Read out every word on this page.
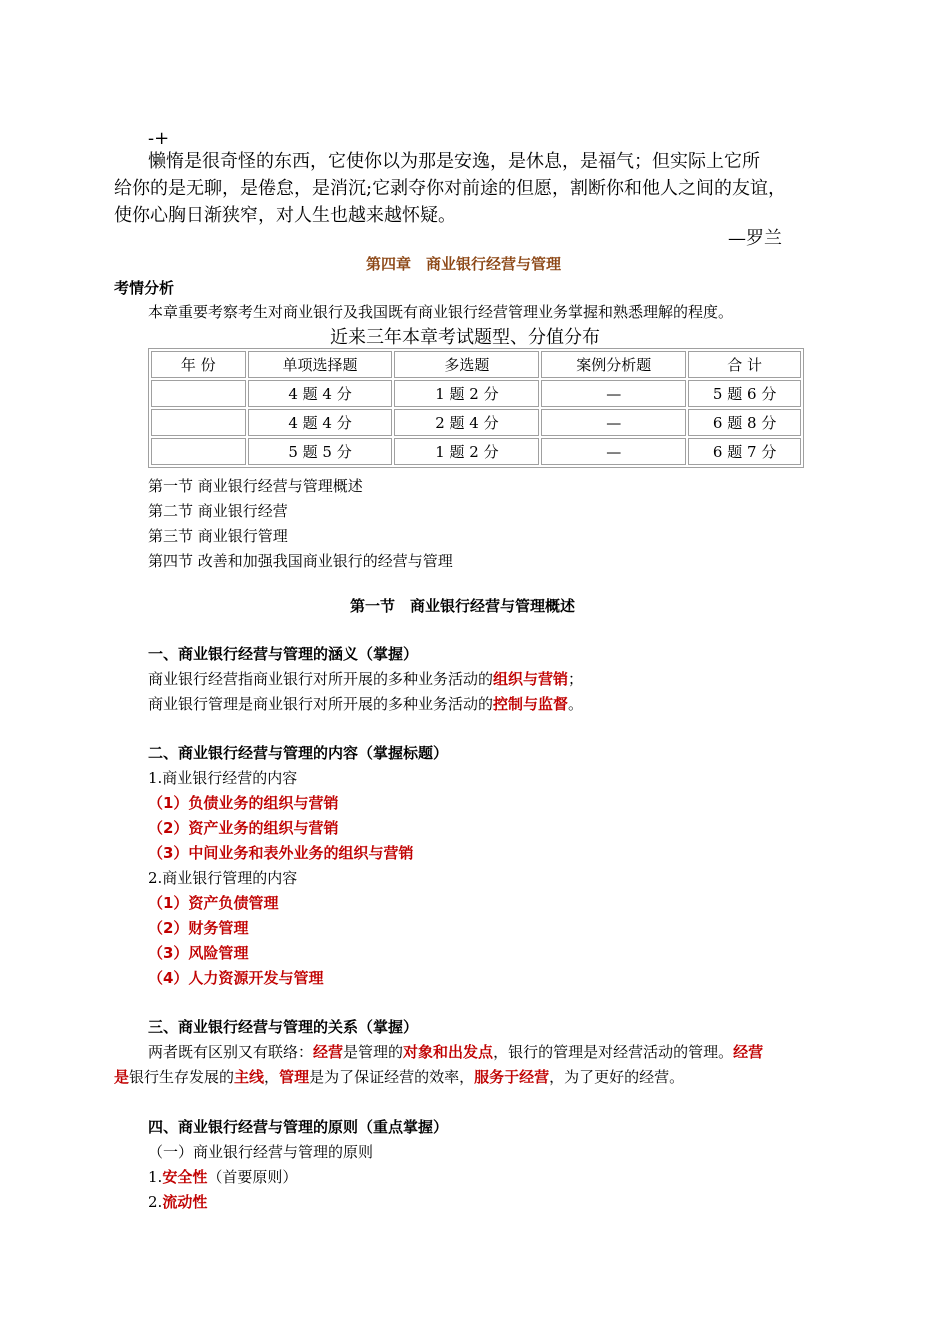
-+
懒惰是很奇怪的东西，它使你以为那是安逸，是休息，是福气；但实际上它所
给你的是无聊，是倦怠，是消沉;它剥夺你对前途的但愿，割断你和他人之间的友谊，
使你心胸日渐狭窄，对人生也越来越怀疑。
—罗兰
第四章　商业银行经营与管理
考情分析
本章重要考察考生对商业银行及我国既有商业银行经营管理业务掌握和熟悉理解的程度。
近来三年本章考试题型、分值分布
年 份	单项选择题	多选题	案例分析题	合 计
	4 题 4 分	1 题 2 分	—	5 题 6 分
	4 题 4 分	2 题 4 分	—	6 题 8 分
	5 题 5 分	1 题 2 分	—	6 题 7 分
第一节 商业银行经营与管理概述
第二节 商业银行经营
第三节 商业银行管理
第四节 改善和加强我国商业银行的经营与管理
第一节　商业银行经营与管理概述
一、商业银行经营与管理的涵义（掌握）
商业银行经营指商业银行对所开展的多种业务活动的组织与营销；
商业银行管理是商业银行对所开展的多种业务活动的控制与监督。
二、商业银行经营与管理的内容（掌握标题）
1.商业银行经营的内容
（1）负债业务的组织与营销
（2）资产业务的组织与营销
（3）中间业务和表外业务的组织与营销
2.商业银行管理的内容
（1）资产负债管理
（2）财务管理
（3）风险管理
（4）人力资源开发与管理
三、商业银行经营与管理的关系（掌握）
两者既有区别又有联络：经营是管理的对象和出发点，银行的管理是对经营活动的管理。经营
是银行生存发展的主线，管理是为了保证经营的效率，服务于经营，为了更好的经营。
四、商业银行经营与管理的原则（重点掌握）
（一）商业银行经营与管理的原则
1.安全性（首要原则）
2.流动性
